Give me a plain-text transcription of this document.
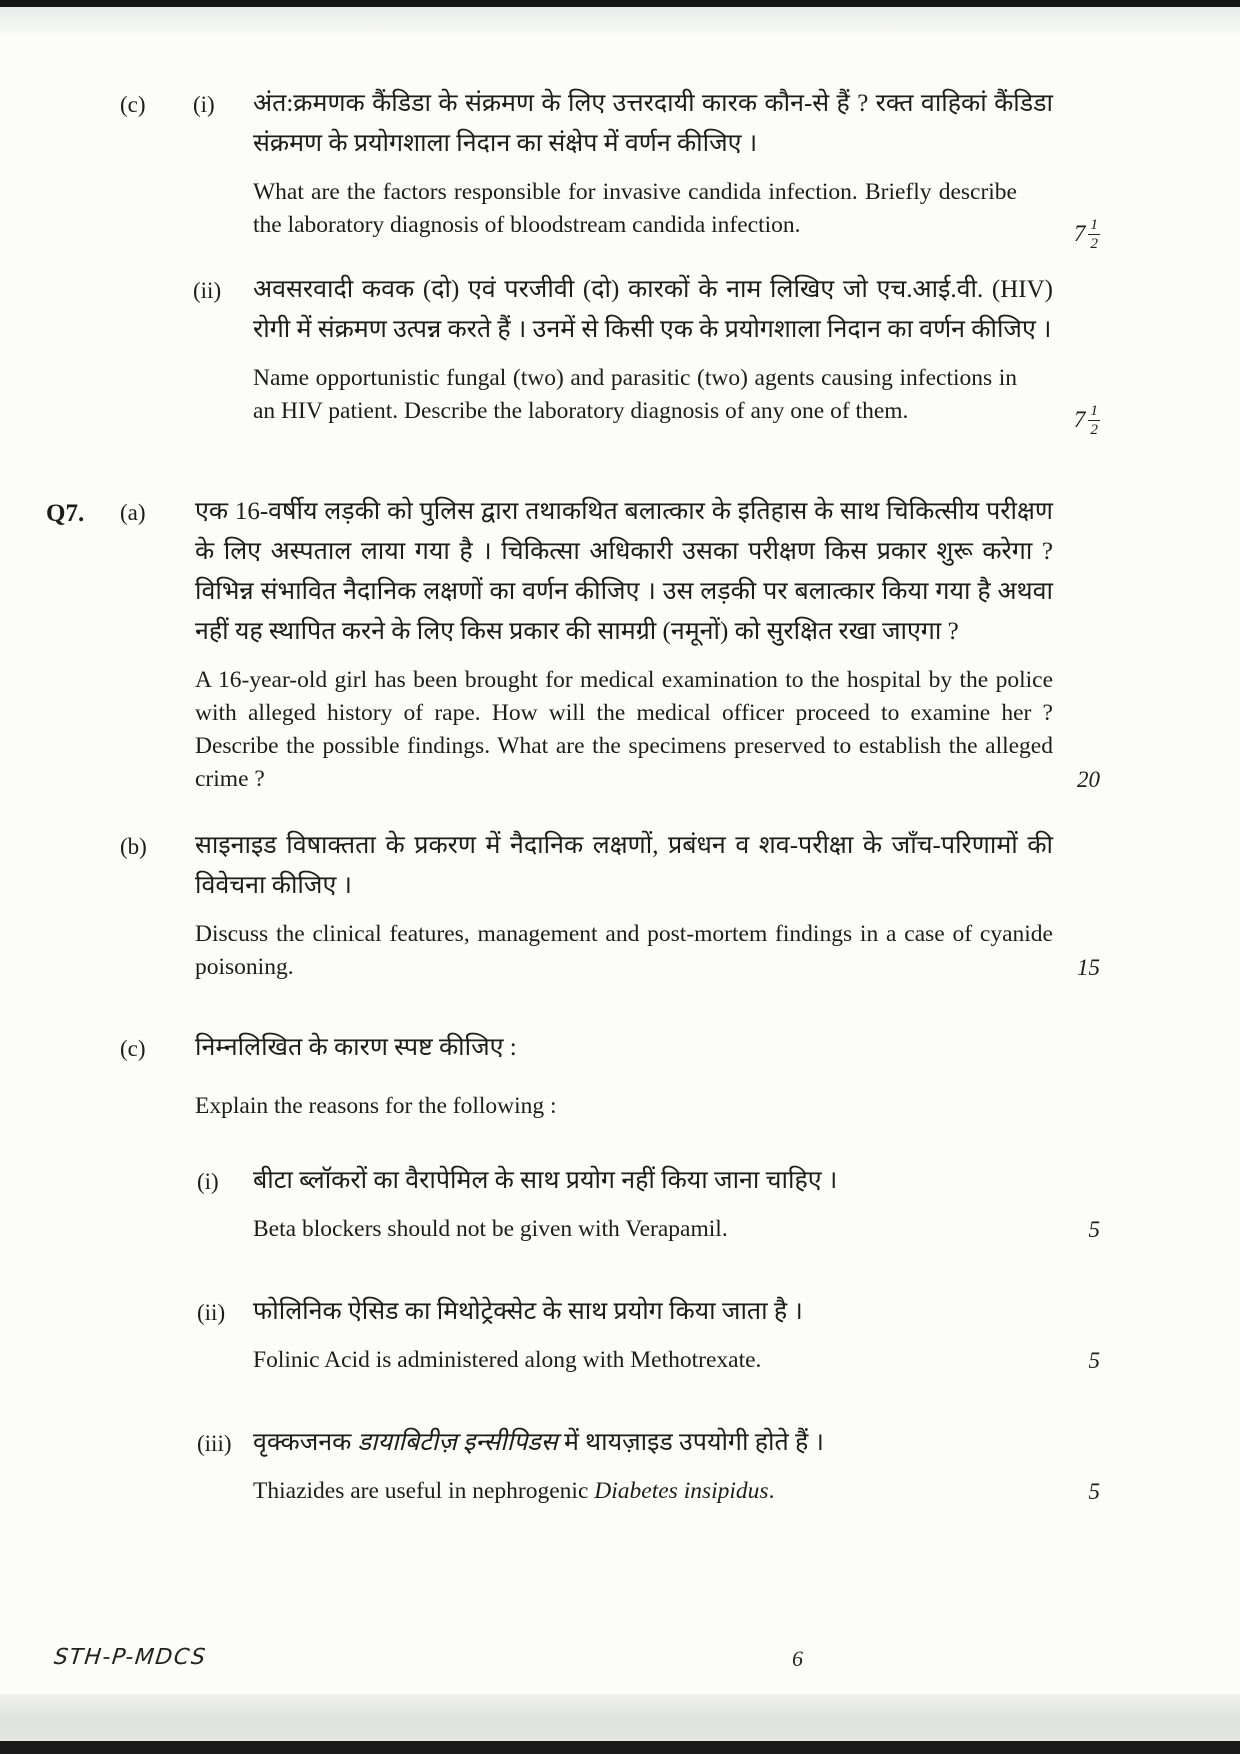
(c) (i) अंत:क्रमणक कैंडिडा के संक्रमण के लिए उत्तरदायी कारक कौन-से हैं ? रक्त वाहिकां कैंडिडा संक्रमण के प्रयोगशाला निदान का संक्षेप में वर्णन कीजिए ।
What are the factors responsible for invasive candida infection. Briefly describe the laboratory diagnosis of bloodstream candida infection.	$7 \frac{1}{2}$
(ii) अवसरवादी कवक (दो) एवं परजीवी (दो) कारकों के नाम लिखिए जो एच.आई.वी. (HIV) रोगी में संक्रमण उत्पन्न करते हैं । उनमें से किसी एक के प्रयोगशाला निदान का वर्णन कीजिए ।
Name opportunistic fungal (two) and parasitic (two) agents causing infections in an HIV patient. Describe the laboratory diagnosis of any one of them.	$7 \frac{1}{2}$
Q7. (a) एक 16-वर्षीय लड़की को पुलिस द्वारा तथाकथित बलात्कार के इतिहास के साथ चिकित्सीय परीक्षण के लिए अस्पताल लाया गया है । चिकित्सा अधिकारी उसका परीक्षण किस प्रकार शुरू करेगा ? विभिन्न संभावित नैदानिक लक्षणों का वर्णन कीजिए । उस लड़की पर बलात्कार किया गया है अथवा नहीं यह स्थापित करने के लिए किस प्रकार की सामग्री (नमूनों) को सुरक्षित रखा जाएगा ?
A 16-year-old girl has been brought for medical examination to the hospital by the police with alleged history of rape. How will the medical officer proceed to examine her ? Describe the possible findings. What are the specimens preserved to establish the alleged crime ?	20
(b) साइनाइड विषाक्तता के प्रकरण में नैदानिक लक्षणों, प्रबंधन व शव-परीक्षा के जाँच-परिणामों की विवेचना कीजिए ।
Discuss the clinical features, management and post-mortem findings in a case of cyanide poisoning.	15
(c) निम्नलिखित के कारण स्पष्ट कीजिए :
Explain the reasons for the following :
(i) बीटा ब्लॉकरों का वैरापेमिल के साथ प्रयोग नहीं किया जाना चाहिए ।
Beta blockers should not be given with Verapamil.	5
(ii) फोलिनिक ऐसिड का मिथोट्रेक्सेट के साथ प्रयोग किया जाता है ।
Folinic Acid is administered along with Methotrexate.	5
(iii) वृक्कजनक डायाबिटीज़ इन्सीपिडस में थायज़ाइड उपयोगी होते हैं ।
Thiazides are useful in nephrogenic Diabetes insipidus.	5
STH-P-MDCS	6
